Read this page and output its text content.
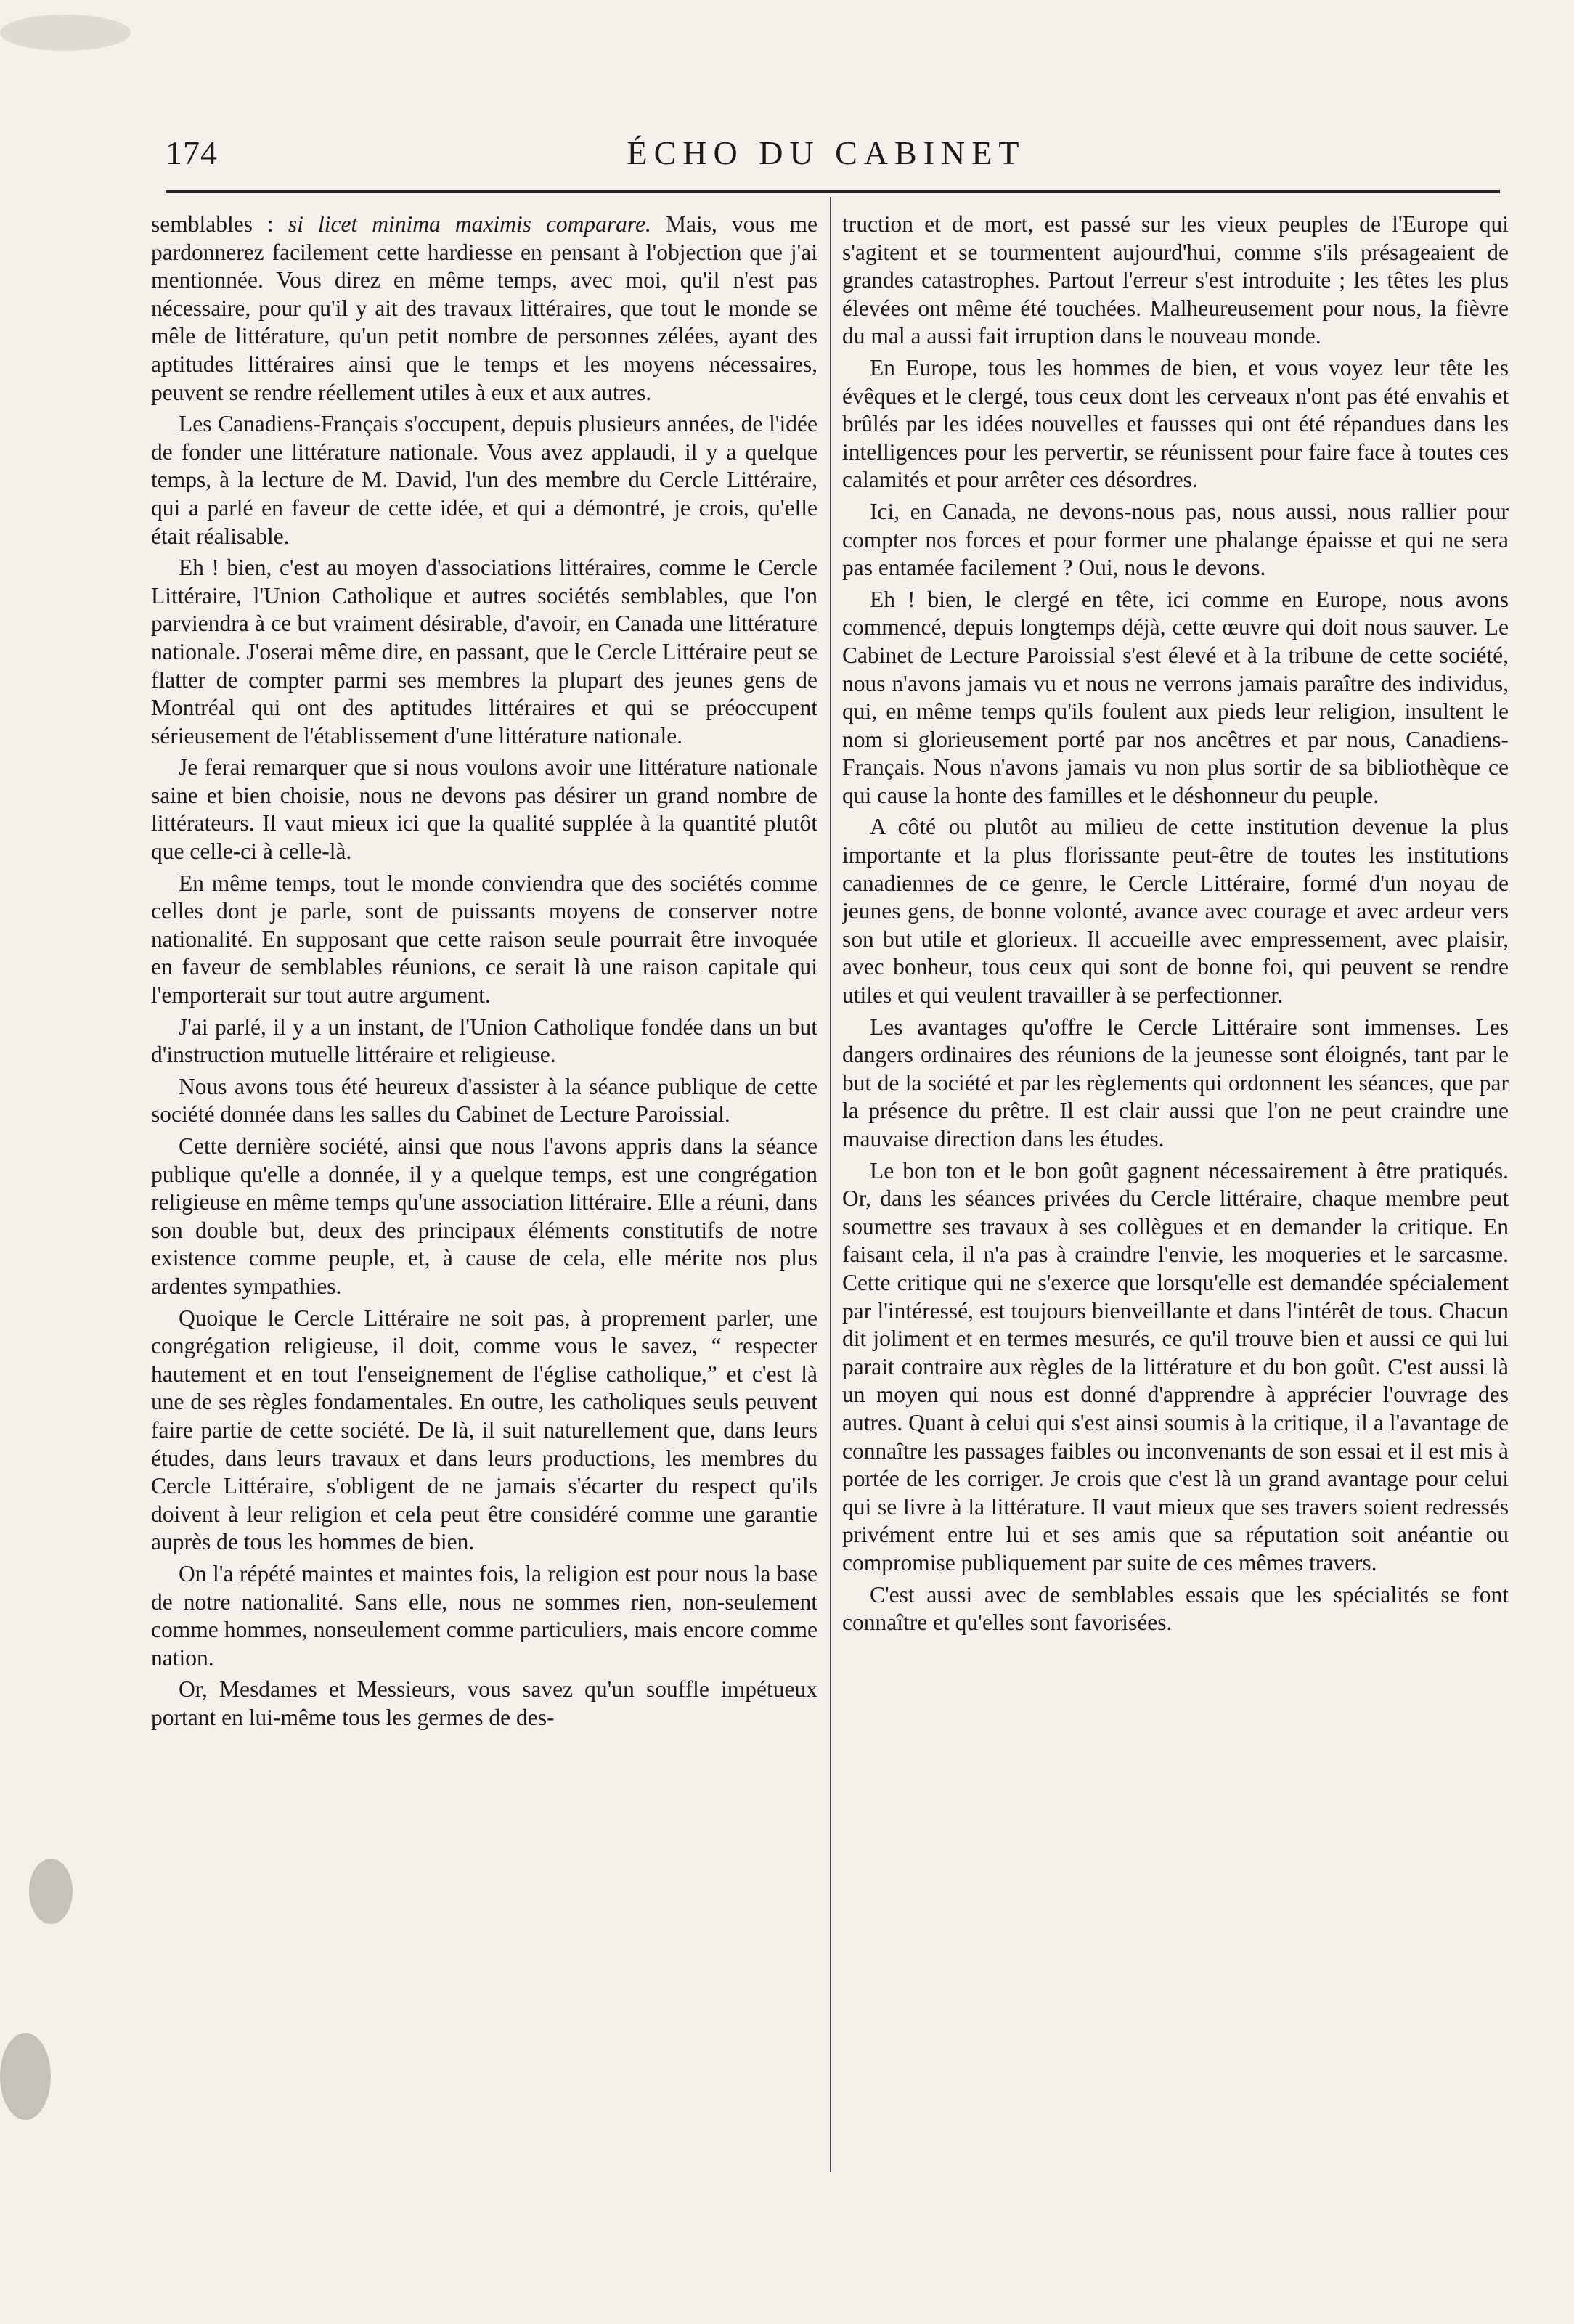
174	ÉCHO DU CABINET

semblables : si licet minima maximis comparare. Mais, vous me pardonnerez facilement cette hardiesse en pensant à l'objection que j'ai mentionnée. Vous direz en même temps, avec moi, qu'il n'est pas nécessaire, pour qu'il y ait des travaux littéraires, que tout le monde se mêle de littérature, qu'un petit nombre de personnes zélées, ayant des aptitudes littéraires ainsi que le temps et les moyens nécessaires, peuvent se rendre réellement utiles à eux et aux autres.

Les Canadiens-Français s'occupent, depuis plusieurs années, de l'idée de fonder une littérature nationale. Vous avez applaudi, il y a quelque temps, à la lecture de M. David, l'un des membre du Cercle Littéraire, qui a parlé en faveur de cette idée, et qui a démontré, je crois, qu'elle était réalisable.

Eh ! bien, c'est au moyen d'associations littéraires, comme le Cercle Littéraire, l'Union Catholique et autres sociétés semblables, que l'on parviendra à ce but vraiment désirable, d'avoir, en Canada une littérature nationale. J'oserai même dire, en passant, que le Cercle Littéraire peut se flatter de compter parmi ses membres la plupart des jeunes gens de Montréal qui ont des aptitudes littéraires et qui se préoccupent sérieusement de l'établissement d'une littérature nationale.

Je ferai remarquer que si nous voulons avoir une littérature nationale saine et bien choisie, nous ne devons pas désirer un grand nombre de littérateurs. Il vaut mieux ici que la qualité supplée à la quantité plutôt que celle-ci à celle-là.

En même temps, tout le monde conviendra que des sociétés comme celles dont je parle, sont de puissants moyens de conserver notre nationalité. En supposant que cette raison seule pourrait être invoquée en faveur de semblables réunions, ce serait là une raison capitale qui l'emporterait sur tout autre argument.

J'ai parlé, il y a un instant, de l'Union Catholique fondée dans un but d'instruction mutuelle littéraire et religieuse.

Nous avons tous été heureux d'assister à la séance publique de cette société donnée dans les salles du Cabinet de Lecture Paroissial.

Cette dernière société, ainsi que nous l'avons appris dans la séance publique qu'elle a donnée, il y a quelque temps, est une congrégation religieuse en même temps qu'une association littéraire. Elle a réuni, dans son double but, deux des principaux éléments constitutifs de notre existence comme peuple, et, à cause de cela, elle mérite nos plus ardentes sympathies.

Quoique le Cercle Littéraire ne soit pas, à proprement parler, une congrégation religieuse, il doit, comme vous le savez, “ respecter hautement et en tout l'enseignement de l'église catholique,” et c'est là une de ses règles fondamentales. En outre, les catholiques seuls peuvent faire partie de cette société. De là, il suit naturellement que, dans leurs études, dans leurs travaux et dans leurs productions, les membres du Cercle Littéraire, s'obligent de ne jamais s'écarter du respect qu'ils doivent à leur religion et cela peut être considéré comme une garantie auprès de tous les hommes de bien.

On l'a répété maintes et maintes fois, la religion est pour nous la base de notre nationalité. Sans elle, nous ne sommes rien, non-seulement comme hommes, nonseulement comme particuliers, mais encore comme nation.

Or, Mesdames et Messieurs, vous savez qu'un souffle impétueux portant en lui-même tous les germes de des-

truction et de mort, est passé sur les vieux peuples de l'Europe qui s'agitent et se tourmentent aujourd'hui, comme s'ils présageaient de grandes catastrophes. Partout l'erreur s'est introduite ; les têtes les plus élevées ont même été touchées. Malheureusement pour nous, la fièvre du mal a aussi fait irruption dans le nouveau monde.

En Europe, tous les hommes de bien, et vous voyez leur tête les évêques et le clergé, tous ceux dont les cerveaux n'ont pas été envahis et brûlés par les idées nouvelles et fausses qui ont été répandues dans les intelligences pour les pervertir, se réunissent pour faire face à toutes ces calamités et pour arrêter ces désordres.

Ici, en Canada, ne devons-nous pas, nous aussi, nous rallier pour compter nos forces et pour former une phalange épaisse et qui ne sera pas entamée facilement ? Oui, nous le devons.

Eh ! bien, le clergé en tête, ici comme en Europe, nous avons commencé, depuis longtemps déjà, cette œuvre qui doit nous sauver. Le Cabinet de Lecture Paroissial s'est élevé et à la tribune de cette société, nous n'avons jamais vu et nous ne verrons jamais paraître des individus, qui, en même temps qu'ils foulent aux pieds leur religion, insultent le nom si glorieusement porté par nos ancêtres et par nous, Canadiens-Français. Nous n'avons jamais vu non plus sortir de sa bibliothèque ce qui cause la honte des familles et le déshonneur du peuple.

A côté ou plutôt au milieu de cette institution devenue la plus importante et la plus florissante peut-être de toutes les institutions canadiennes de ce genre, le Cercle Littéraire, formé d'un noyau de jeunes gens, de bonne volonté, avance avec courage et avec ardeur vers son but utile et glorieux. Il accueille avec empressement, avec plaisir, avec bonheur, tous ceux qui sont de bonne foi, qui peuvent se rendre utiles et qui veulent travailler à se perfectionner.

Les avantages qu'offre le Cercle Littéraire sont immenses. Les dangers ordinaires des réunions de la jeunesse sont éloignés, tant par le but de la société et par les règlements qui ordonnent les séances, que par la présence du prêtre. Il est clair aussi que l'on ne peut craindre une mauvaise direction dans les études.

Le bon ton et le bon goût gagnent nécessairement à être pratiqués. Or, dans les séances privées du Cercle littéraire, chaque membre peut soumettre ses travaux à ses collègues et en demander la critique. En faisant cela, il n'a pas à craindre l'envie, les moqueries et le sarcasme. Cette critique qui ne s'exerce que lorsqu'elle est demandée spécialement par l'intéressé, est toujours bienveillante et dans l'intérêt de tous. Chacun dit joliment et en termes mesurés, ce qu'il trouve bien et aussi ce qui lui parait contraire aux règles de la littérature et du bon goût. C'est aussi là un moyen qui nous est donné d'apprendre à apprécier l'ouvrage des autres. Quant à celui qui s'est ainsi soumis à la critique, il a l'avantage de connaître les passages faibles ou inconvenants de son essai et il est mis à portée de les corriger. Je crois que c'est là un grand avantage pour celui qui se livre à la littérature. Il vaut mieux que ses travers soient redressés privément entre lui et ses amis que sa réputation soit anéantie ou compromise publiquement par suite de ces mêmes travers.

C'est aussi avec de semblables essais que les spécialités se font connaître et qu'elles sont favorisées.
